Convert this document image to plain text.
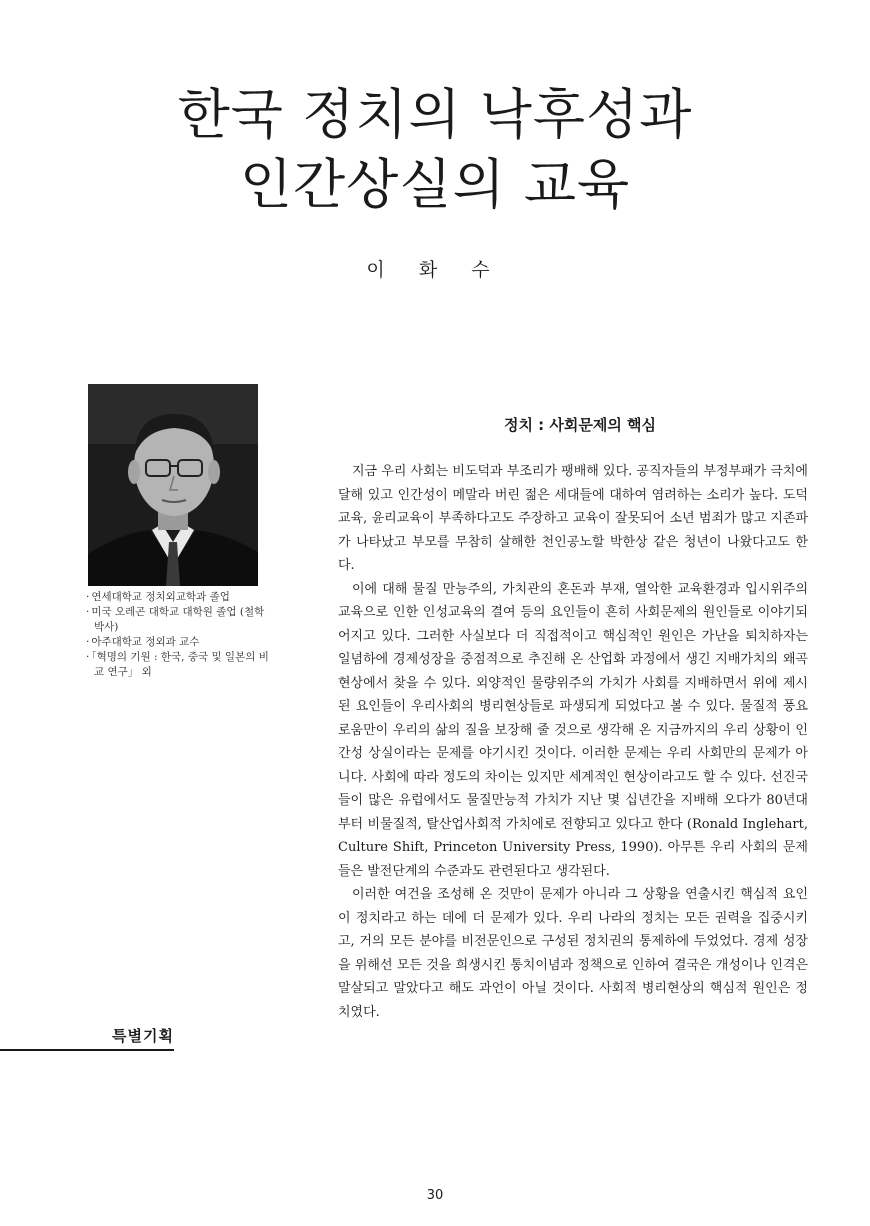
한국 정치의 낙후성과
인간상실의 교육
이 화 수
· 연세대학교 정치외교학과 졸업
· 미국 오레곤 대학교 대학원 졸업 (철학 박사)
· 아주대학교 정외과 교수
· 「혁명의 기원 : 한국, 중국 및 일본의 비교 연구」 외
특별기획
정치 : 사회문제의 핵심

지금 우리 사회는 비도덕과 부조리가 팽배해 있다. 공직자들의 부정부패가 극치에 달해 있고 인간성이 메말라 버린 젊은 세대들에 대하여 염려하는 소리가 높다. 도덕교육, 윤리교육이 부족하다고도 주장하고 교육이 잘못되어 소년 범죄가 많고 지존파가 나타났고 부모를 무참히 살해한 천인공노할 박한상 같은 청년이 나왔다고도 한다.

이에 대해 물질 만능주의, 가치관의 혼돈과 부재, 열악한 교육환경과 입시위주의 교육으로 인한 인성교육의 결여 등의 요인들이 흔히 사회문제의 원인들로 이야기되어지고 있다. 그러한 사실보다 더 직접적이고 핵심적인 원인은 가난을 퇴치하자는 일념하에 경제성장을 중점적으로 추진해 온 산업화 과정에서 생긴 지배가치의 왜곡현상에서 찾을 수 있다. 외양적인 물량위주의 가치가 사회를 지배하면서 위에 제시된 요인들이 우리사회의 병리현상들로 파생되게 되었다고 볼 수 있다. 물질적 풍요로움만이 우리의 삶의 질을 보장해 줄 것으로 생각해 온 지금까지의 우리 상황이 인간성 상실이라는 문제를 야기시킨 것이다. 이러한 문제는 우리 사회만의 문제가 아니다. 사회에 따라 정도의 차이는 있지만 세계적인 현상이라고도 할 수 있다. 선진국들이 많은 유럽에서도 물질만능적 가치가 지난 몇 십년간을 지배해 오다가 80년대부터 비물질적, 탈산업사회적 가치에로 전향되고 있다고 한다 (Ronald Inglehart, Culture Shift, Princeton University Press, 1990). 아무튼 우리 사회의 문제들은 발전단계의 수준과도 관련된다고 생각된다.

이러한 여건을 조성해 온 것만이 문제가 아니라 그 상황을 연출시킨 핵심적 요인이 정치라고 하는 데에 더 문제가 있다. 우리 나라의 정치는 모든 권력을 집중시키고, 거의 모든 분야를 비전문인으로 구성된 정치권의 통제하에 두었었다. 경제 성장을 위해선 모든 것을 희생시킨 통치이념과 정책으로 인하여 결국은 개성이나 인격은 말살되고 말았다고 해도 과언이 아닐 것이다. 사회적 병리현상의 핵심적 원인은 정치였다.

30
